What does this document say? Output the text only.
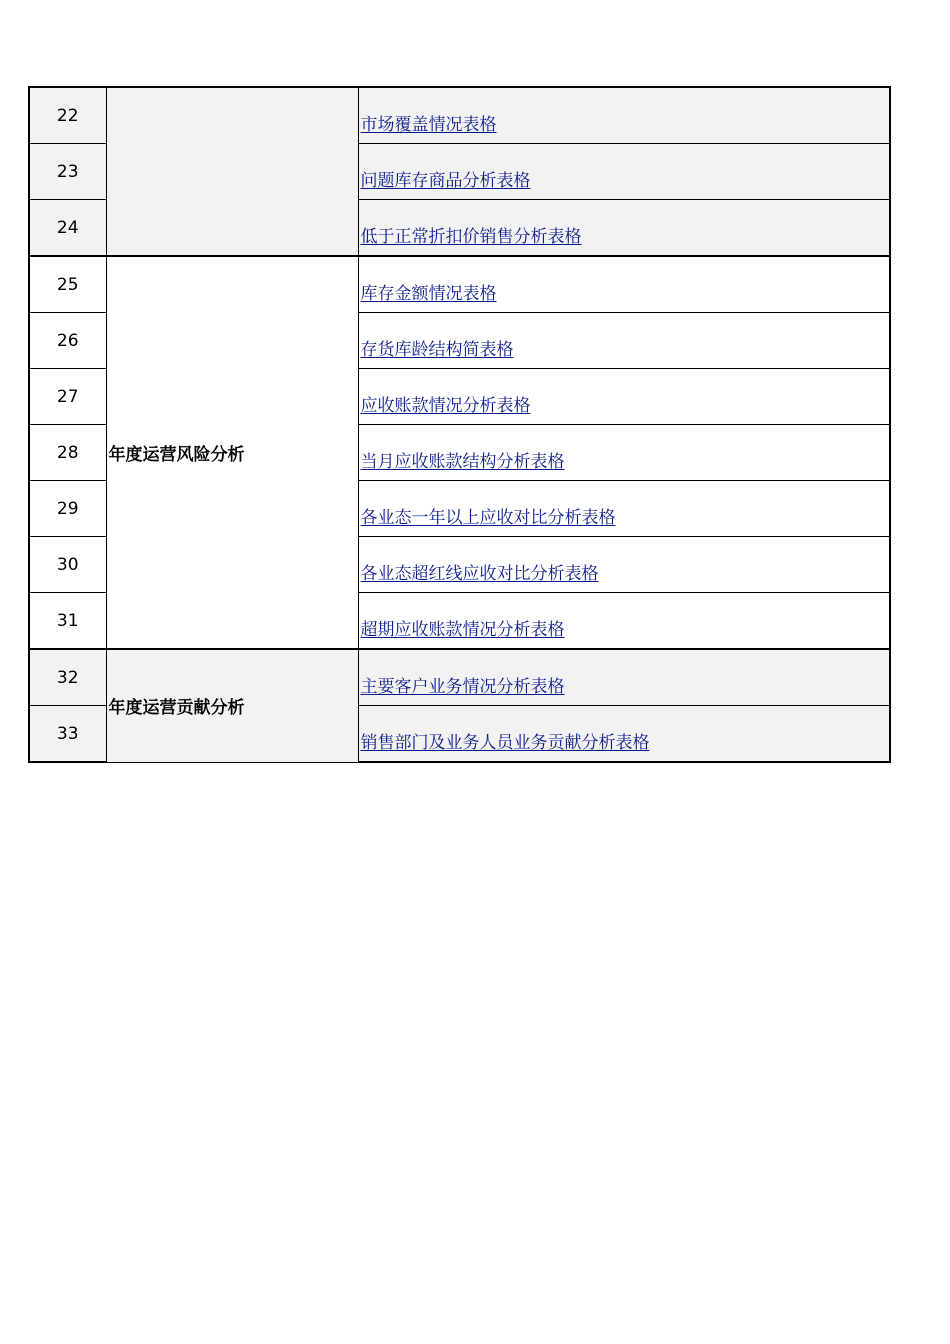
22		市场覆盖情况表格
23		问题库存商品分析表格
24		低于正常折扣价销售分析表格
25	年度运营风险分析	库存金额情况表格
26		存货库龄结构简表格
27		应收账款情况分析表格
28		当月应收账款结构分析表格
29		各业态一年以上应收对比分析表格
30		各业态超红线应收对比分析表格
31		超期应收账款情况分析表格
32	年度运营贡献分析	主要客户业务情况分析表格
33		销售部门及业务人员业务贡献分析表格
